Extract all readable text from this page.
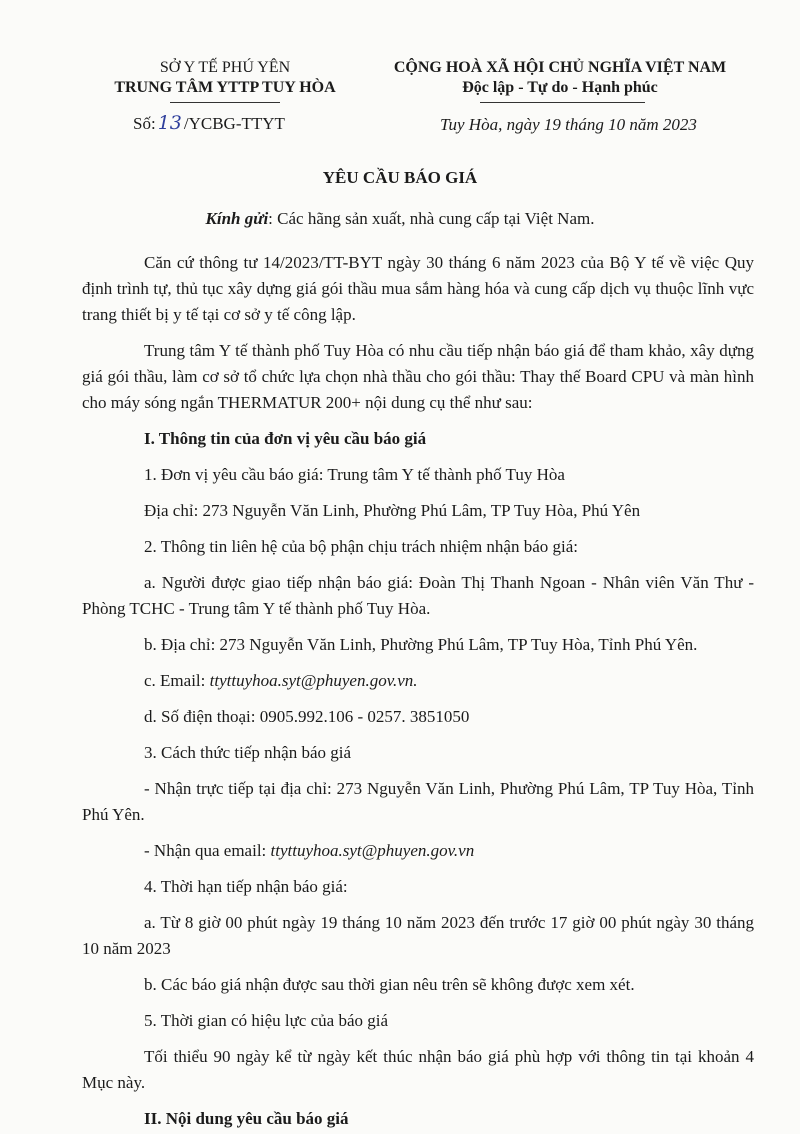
SỞ Y TẾ PHÚ YÊN
TRUNG TÂM YTTP TUY HÒA
CỘNG HOÀ XÃ HỘI CHỦ NGHĨA VIỆT NAM
Độc lập - Tự do - Hạnh phúc
Số: 13 /YCBG-TTYT	Tuy Hòa, ngày 19 tháng 10 năm 2023
YÊU CẦU BÁO GIÁ
Kính gửi: Các hãng sản xuất, nhà cung cấp tại Việt Nam.

Căn cứ thông tư 14/2023/TT-BYT ngày 30 tháng 6 năm 2023 của Bộ Y tế về việc Quy định trình tự, thủ tục xây dựng giá gói thầu mua sắm hàng hóa và cung cấp dịch vụ thuộc lĩnh vực trang thiết bị y tế tại cơ sở y tế công lập.

Trung tâm Y tế thành phố Tuy Hòa có nhu cầu tiếp nhận báo giá để tham khảo, xây dựng giá gói thầu, làm cơ sở tổ chức lựa chọn nhà thầu cho gói thầu: Thay thế Board CPU và màn hình cho máy sóng ngắn THERMATUR 200+ nội dung cụ thể như sau:

I. Thông tin của đơn vị yêu cầu báo giá

1. Đơn vị yêu cầu báo giá: Trung tâm Y tế thành phố Tuy Hòa

Địa chỉ: 273 Nguyễn Văn Linh, Phường Phú Lâm, TP Tuy Hòa, Phú Yên

2. Thông tin liên hệ của bộ phận chịu trách nhiệm nhận báo giá:

a. Người được giao tiếp nhận báo giá: Đoàn Thị Thanh Ngoan - Nhân viên Văn Thư - Phòng TCHC - Trung tâm Y tế thành phố Tuy Hòa.

b. Địa chỉ: 273 Nguyễn Văn Linh, Phường Phú Lâm, TP Tuy Hòa, Tỉnh Phú Yên.

c. Email: ttyttuyhoa.syt@phuyen.gov.vn.

d. Số điện thoại: 0905.992.106 - 0257. 3851050

3. Cách thức tiếp nhận báo giá

- Nhận trực tiếp tại địa chỉ: 273 Nguyễn Văn Linh, Phường Phú Lâm, TP Tuy Hòa, Tỉnh Phú Yên.

- Nhận qua email: ttyttuyhoa.syt@phuyen.gov.vn

4. Thời hạn tiếp nhận báo giá:

a. Từ 8 giờ 00 phút ngày 19 tháng 10 năm 2023 đến trước 17 giờ 00 phút ngày 30 tháng 10 năm 2023

b. Các báo giá nhận được sau thời gian nêu trên sẽ không được xem xét.

5. Thời gian có hiệu lực của báo giá

Tối thiểu 90 ngày kể từ ngày kết thúc nhận báo giá phù hợp với thông tin tại khoản 4 Mục này.

II. Nội dung yêu cầu báo giá
